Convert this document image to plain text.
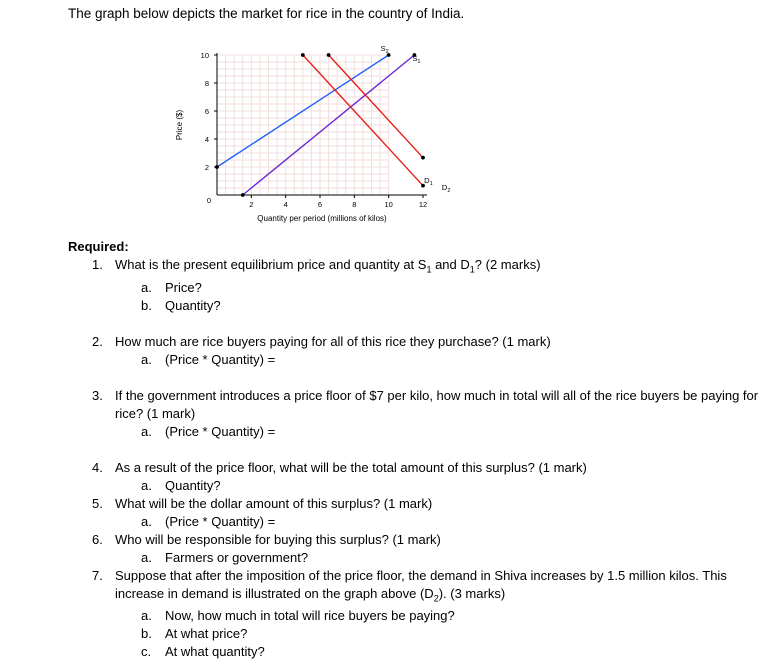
The graph below depicts the market for rice in the country of India.
2	4	6	8	10	12
2
4
6
8
10
0
Price ($)
Quantity per period (millions of kilos)
$S_2$
$S_1$
$D_1$ $D_2$
Required:
1. What is the present equilibrium price and quantity at $S_1$ and $D_1$? (2 marks)
a. Price?
b. Quantity?
2. How much are rice buyers paying for all of this rice they purchase? (1 mark)
a. (Price * Quantity) =
3. If the government introduces a price floor of $7 per kilo, how much in total will all of the rice buyers be paying for rice? (1 mark)
a. (Price * Quantity) =
4. As a result of the price floor, what will be the total amount of this surplus? (1 mark)
a. Quantity?
5. What will be the dollar amount of this surplus? (1 mark)
a. (Price * Quantity) =
6. Who will be responsible for buying this surplus? (1 mark)
a. Farmers or government?
7. Suppose that after the imposition of the price floor, the demand in Shiva increases by 1.5 million kilos. This increase in demand is illustrated on the graph above $(D_2)$. (3 marks)
a. Now, how much in total will rice buyers be paying?
b. At what price?
c. At what quantity?
